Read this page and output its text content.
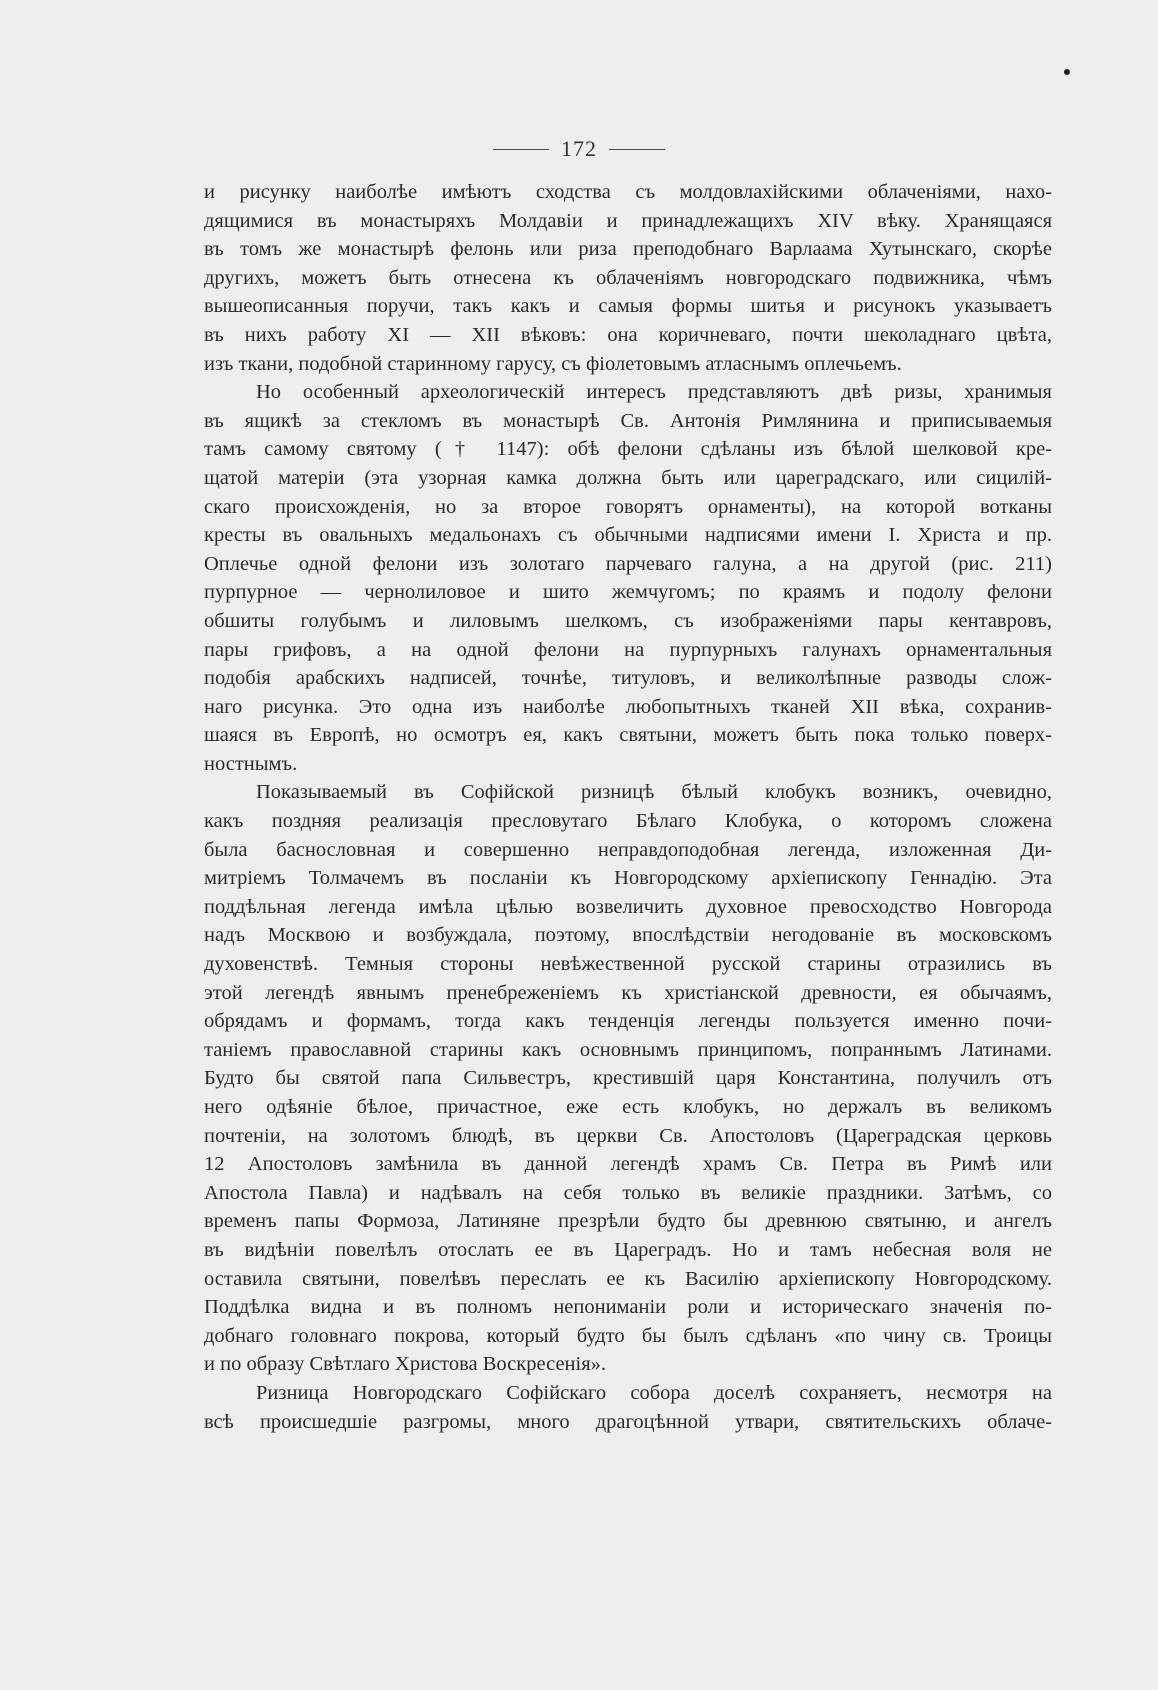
172
и рисунку наиболѣе имѣютъ сходства съ молдовлахійскими облаченіями, нахо-
дящимися въ монастыряхъ Молдавіи и принадлежащихъ XIV вѣку. Хранящаяся
въ томъ же монастырѣ фелонь или риза преподобнаго Варлаама Хутынскаго, скорѣе
другихъ, можетъ быть отнесена къ облаченіямъ новгородскаго подвижника, чѣмъ
вышеописанныя поручи, такъ какъ и самыя формы шитья и рисунокъ указываетъ
въ нихъ работу XI — XII вѣковъ: она коричневаго, почти шеколаднаго цвѣта,
изъ ткани, подобной старинному гарусу, съ фіолетовымъ атласнымъ оплечьемъ.
Но особенный археологическій интересъ представляютъ двѣ ризы, хранимыя
въ ящикѣ за стекломъ въ монастырѣ Св. Антонія Римлянина и приписываемыя
тамъ самому святому († 1147): обѣ фелони сдѣланы изъ бѣлой шелковой кре-
щатой матеріи (эта узорная камка должна быть или цареградскаго, или сицилій-
скаго происхожденія, но за второе говорятъ орнаменты), на которой вотканы
кресты въ овальныхъ медальонахъ съ обычными надписями имени І. Христа и пр.
Оплечье одной фелони изъ золотаго парчеваго галуна, а на другой (рис. 211)
пурпурное — чернолиловое и шито жемчугомъ; по краямъ и подолу фелони
обшиты голубымъ и лиловымъ шелкомъ, съ изображеніями пары кентавровъ,
пары грифовъ, а на одной фелони на пурпурныхъ галунахъ орнаментальныя
подобія арабскихъ надписей, точнѣе, титуловъ, и великолѣпные разводы слож-
наго рисунка. Это одна изъ наиболѣе любопытныхъ тканей XII вѣка, сохранив-
шаяся въ Европѣ, но осмотръ ея, какъ святыни, можетъ быть пока только поверх-
ностнымъ.
Показываемый въ Софійской ризницѣ бѣлый клобукъ возникъ, очевидно,
какъ поздняя реализація пресловутаго Бѣлаго Клобука, о которомъ сложена
была баснословная и совершенно неправдоподобная легенда, изложенная Ди-
митріемъ Толмачемъ въ посланіи къ Новгородскому архіепископу Геннадію. Эта
поддѣльная легенда имѣла цѣлью возвеличить духовное превосходство Новгорода
надъ Москвою и возбуждала, поэтому, впослѣдствіи негодованіе въ московскомъ
духовенствѣ. Темныя стороны невѣжественной русской старины отразились въ
этой легендѣ явнымъ пренебреженіемъ къ христіанской древности, ея обычаямъ,
обрядамъ и формамъ, тогда какъ тенденція легенды пользуется именно почи-
таніемъ православной старины какъ основнымъ принципомъ, попраннымъ Латинами.
Будто бы святой папа Сильвестръ, крестившій царя Константина, получилъ отъ
него одѣяніе бѣлое, причастное, еже есть клобукъ, но держалъ въ великомъ
почтеніи, на золотомъ блюдѣ, въ церкви Св. Апостоловъ (Цареградская церковь
12 Апостоловъ замѣнила въ данной легендѣ храмъ Св. Петра въ Римѣ или
Апостола Павла) и надѣвалъ на себя только въ великіе праздники. Затѣмъ, со
временъ папы Формоза, Латиняне презрѣли будто бы древнюю святыню, и ангелъ
въ видѣніи повелѣлъ отослать ее въ Цареградъ. Но и тамъ небесная воля не
оставила святыни, повелѣвъ переслать ее къ Василію архіепископу Новгородскому.
Поддѣлка видна и въ полномъ непониманіи роли и историческаго значенія по-
добнаго головнаго покрова, который будто бы былъ сдѣланъ «по чину св. Троицы
и по образу Свѣтлаго Христова Воскресенія».
Ризница Новгородскаго Софійскаго собора доселѣ сохраняетъ, несмотря на
всѣ происшедшіе разгромы, много драгоцѣнной утвари, святительскихъ облаче-
